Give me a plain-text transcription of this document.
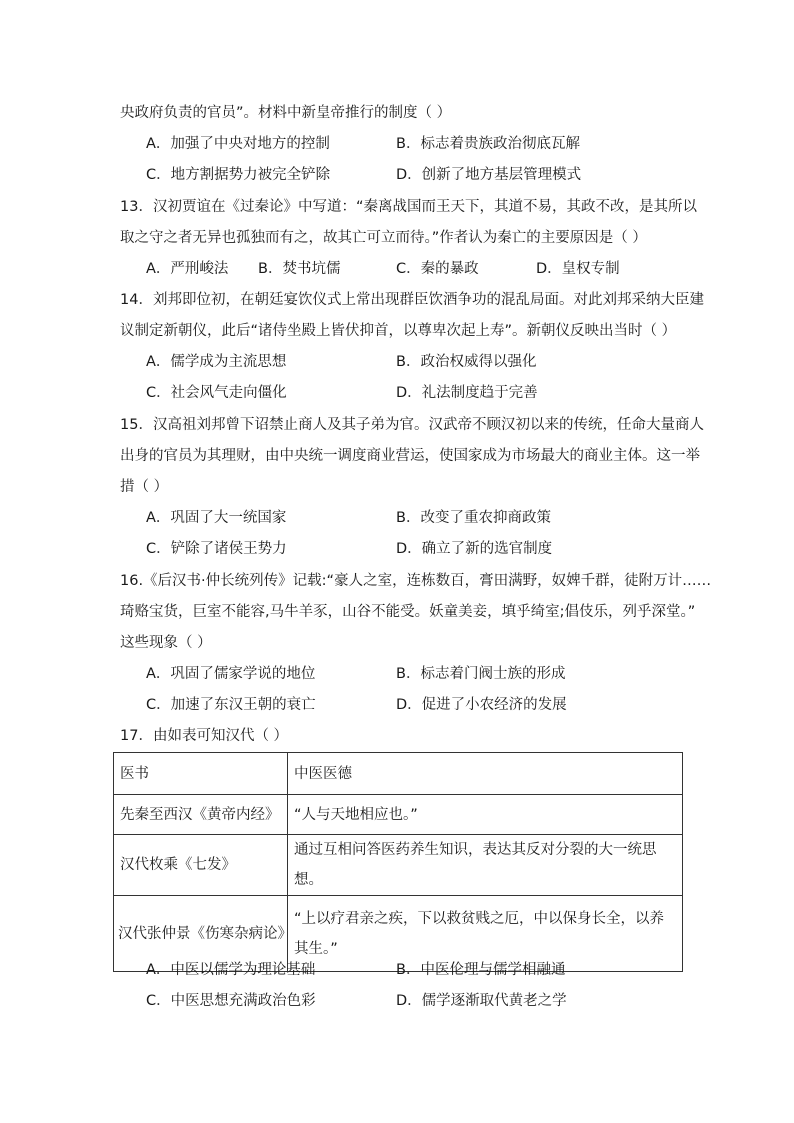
央政府负责的官员”。材料中新皇帝推行的制度（ ）
A．加强了中央对地方的控制	B．标志着贵族政治彻底瓦解
C．地方割据势力被完全铲除	D．创新了地方基层管理模式
13．汉初贾谊在《过秦论》中写道：“秦离战国而王天下，其道不易，其政不改，是其所以
取之守之者无异也孤独而有之，故其亡可立而待。”作者认为秦亡的主要原因是（ ）
A．严刑峻法 B．焚书坑儒	C．秦的暴政	D．皇权专制
14．刘邦即位初，在朝廷宴饮仪式上常出现群臣饮酒争功的混乱局面。对此刘邦采纳大臣建
议制定新朝仪，此后“诸侍坐殿上皆伏抑首，以尊卑次起上寿”。新朝仪反映出当时（ ）
A．儒学成为主流思想	B．政治权威得以强化
C．社会风气走向僵化	D．礼法制度趋于完善
15．汉高祖刘邦曾下诏禁止商人及其子弟为官。汉武帝不顾汉初以来的传统，任命大量商人
出身的官员为其理财，由中央统一调度商业营运，使国家成为市场最大的商业主体。这一举
措（ ）
A．巩固了大一统国家	B．改变了重农抑商政策
C．铲除了诸侯王势力	D．确立了新的选官制度
16.《后汉书·仲长统列传》记载:“豪人之室，连栋数百，膏田满野，奴婢千群，徒附万计……
琦赂宝货，巨室不能容,马牛羊豕，山谷不能受。妖童美妾，填乎绮室;倡伎乐，列乎深堂。”
这些现象（ ）
A．巩固了儒家学说的地位	B．标志着门阀士族的形成
C．加速了东汉王朝的衰亡	D．促进了小农经济的发展
17．由如表可知汉代（ ）
医书	中医医德
先秦至西汉《黄帝内经》	“人与天地相应也。”
汉代枚乘《七发》	通过互相问答医药养生知识，表达其反对分裂的大一统思想。
汉代张仲景《伤寒杂病论》	“上以疗君亲之疾，下以救贫贱之厄，中以保身长全，以养其生。”
A．中医以儒学为理论基础	B．中医伦理与儒学相融通
C．中医思想充满政治色彩	D．儒学逐渐取代黄老之学
